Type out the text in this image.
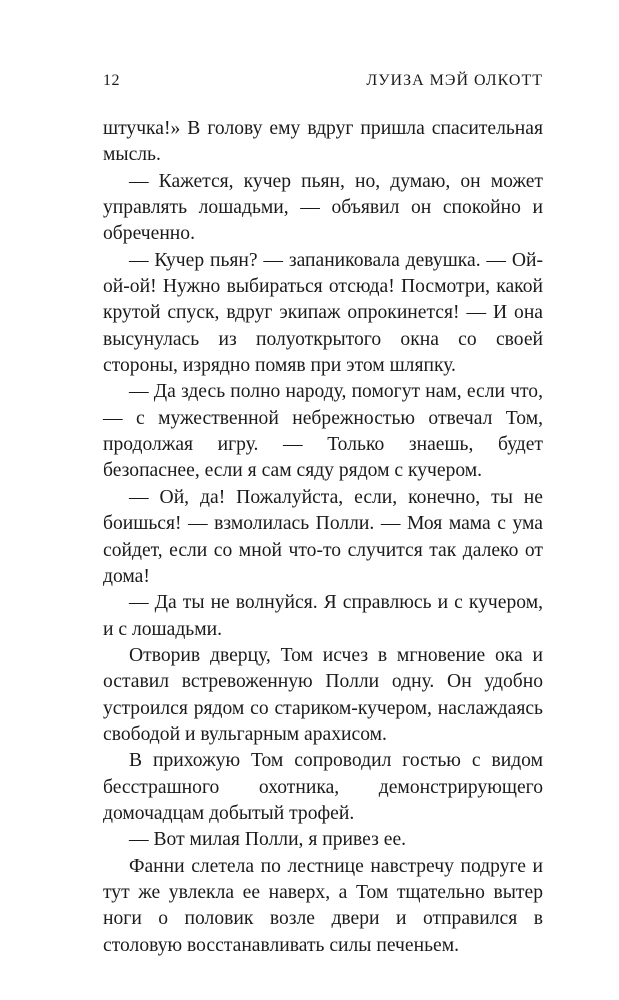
12	ЛУИЗА МЭЙ ОЛКОТТ

штучка!» В голову ему вдруг пришла спасительная мысль.

— Кажется, кучер пьян, но, думаю, он может управлять лошадьми, — объявил он спокойно и обреченно.

— Кучер пьян? — запаниковала девушка. — Ой-ой-ой! Нужно выбираться отсюда! Посмотри, какой крутой спуск, вдруг экипаж опрокинется! — И она высунулась из полуоткрытого окна со своей стороны, изрядно помяв при этом шляпку.

— Да здесь полно народу, помогут нам, если что, — с мужественной небрежностью отвечал Том, продолжая игру. — Только знаешь, будет безопаснее, если я сам сяду рядом с кучером.

— Ой, да! Пожалуйста, если, конечно, ты не боишься! — взмолилась Полли. — Моя мама с ума сойдет, если со мной что-то случится так далеко от дома!

— Да ты не волнуйся. Я справлюсь и с кучером, и с лошадьми.

Отворив дверцу, Том исчез в мгновение ока и оставил встревоженную Полли одну. Он удобно устроился рядом со стариком-кучером, наслаждаясь свободой и вульгарным арахисом.

В прихожую Том сопроводил гостью с видом бесстрашного охотника, демонстрирующего домочадцам добытый трофей.

— Вот милая Полли, я привез ее.

Фанни слетела по лестнице навстречу подруге и тут же увлекла ее наверх, а Том тщательно вытер ноги о половик возле двери и отправился в столовую восстанавливать силы печеньем.
